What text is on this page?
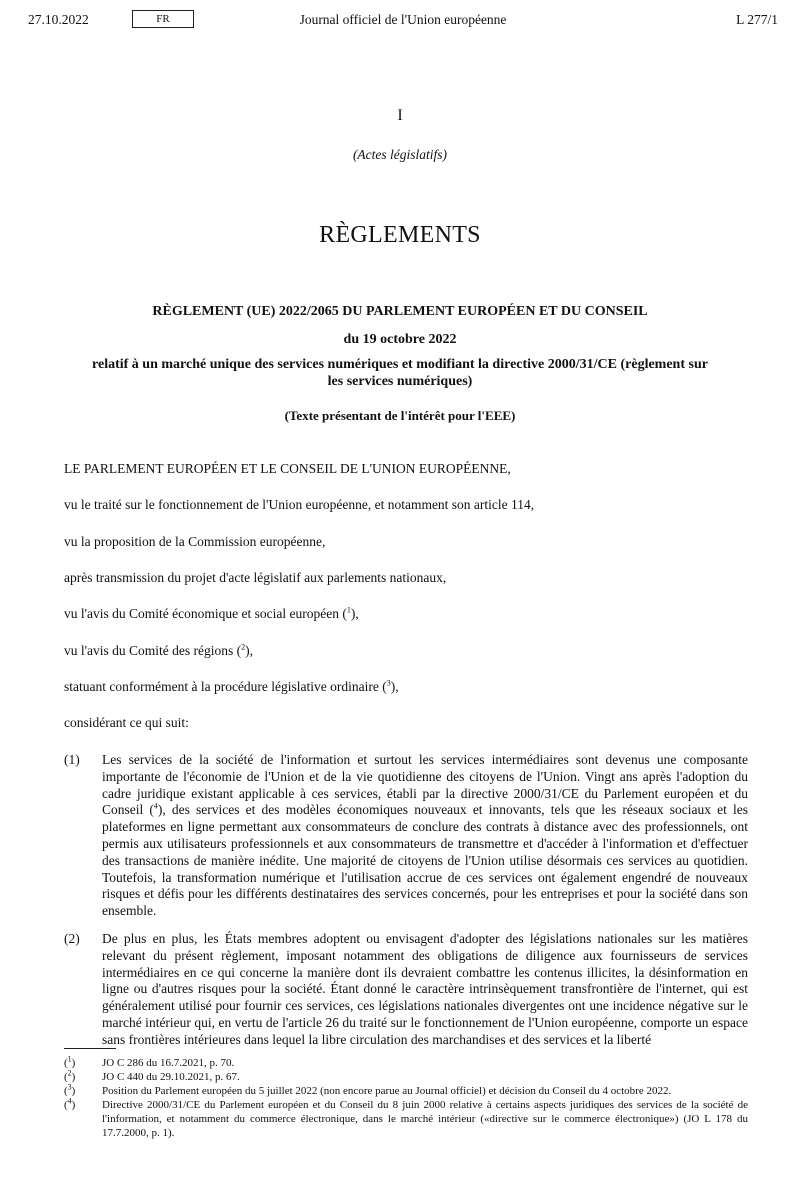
Journal officiel de l'Union européenne
27.10.2022	FR	L 277/1
I
(Actes législatifs)
RÈGLEMENTS
RÈGLEMENT (UE) 2022/2065 DU PARLEMENT EUROPÉEN ET DU CONSEIL
du 19 octobre 2022
relatif à un marché unique des services numériques et modifiant la directive 2000/31/CE (règlement sur les services numériques)
(Texte présentant de l'intérêt pour l'EEE)
LE PARLEMENT EUROPÉEN ET LE CONSEIL DE L'UNION EUROPÉENNE,
vu le traité sur le fonctionnement de l'Union européenne, et notamment son article 114,
vu la proposition de la Commission européenne,
après transmission du projet d'acte législatif aux parlements nationaux,
vu l'avis du Comité économique et social européen ($^1$),
vu l'avis du Comité des régions ($^2$),
statuant conformément à la procédure législative ordinaire ($^3$),
considérant ce qui suit:
(1) Les services de la société de l'information et surtout les services intermédiaires sont devenus une composante importante de l'économie de l'Union et de la vie quotidienne des citoyens de l'Union. Vingt ans après l'adoption du cadre juridique existant applicable à ces services, établi par la directive 2000/31/CE du Parlement européen et du Conseil ($^4$), des services et des modèles économiques nouveaux et innovants, tels que les réseaux sociaux et les plateformes en ligne permettant aux consommateurs de conclure des contrats à distance avec des professionnels, ont permis aux utilisateurs professionnels et aux consommateurs de transmettre et d'accéder à l'information et d'effectuer des transactions de manière inédite. Une majorité de citoyens de l'Union utilise désormais ces services au quotidien. Toutefois, la transformation numérique et l'utilisation accrue de ces services ont également engendré de nouveaux risques et défis pour les différents destinataires des services concernés, pour les entreprises et pour la société dans son ensemble.
(2) De plus en plus, les États membres adoptent ou envisagent d'adopter des législations nationales sur les matières relevant du présent règlement, imposant notamment des obligations de diligence aux fournisseurs de services intermédiaires en ce qui concerne la manière dont ils devraient combattre les contenus illicites, la désinformation en ligne ou d'autres risques pour la société. Étant donné le caractère intrinsèquement transfrontière de l'internet, qui est généralement utilisé pour fournir ces services, ces législations nationales divergentes ont une incidence négative sur le marché intérieur qui, en vertu de l'article 26 du traité sur le fonctionnement de l'Union européenne, comporte un espace sans frontières intérieures dans lequel la libre circulation des marchandises et des services et la liberté
($^1$) JO C 286 du 16.7.2021, p. 70.
($^2$) JO C 440 du 29.10.2021, p. 67.
($^3$) Position du Parlement européen du 5 juillet 2022 (non encore parue au Journal officiel) et décision du Conseil du 4 octobre 2022.
($^4$) Directive 2000/31/CE du Parlement européen et du Conseil du 8 juin 2000 relative à certains aspects juridiques des services de la société de l'information, et notamment du commerce électronique, dans le marché intérieur («directive sur le commerce électronique») (JO L 178 du 17.7.2000, p. 1).
